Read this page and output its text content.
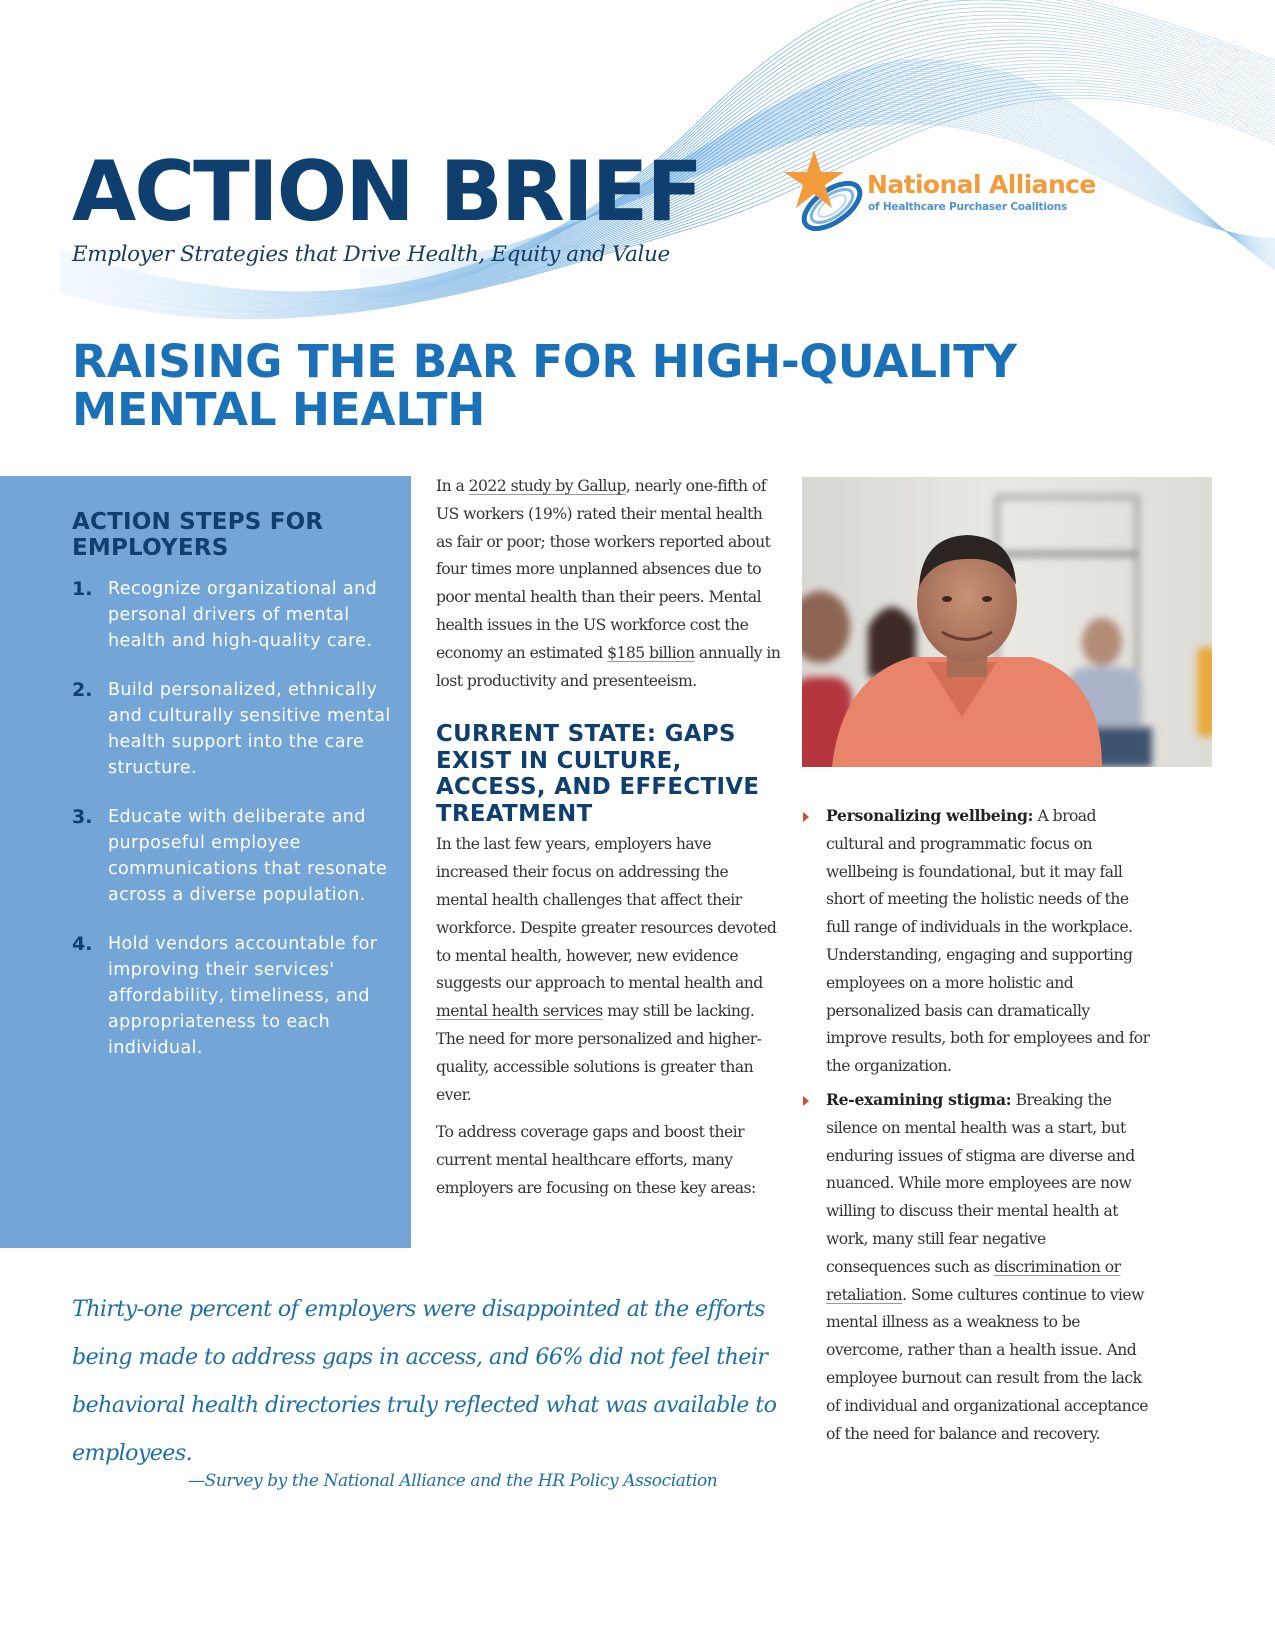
ACTION BRIEF
Employer Strategies that Drive Health, Equity and Value
National Alliance
of Healthcare Purchaser Coalitions
RAISING THE BAR FOR HIGH-QUALITY
MENTAL HEALTH
ACTION STEPS FOR EMPLOYERS
1. Recognize organizational and personal drivers of mental health and high-quality care.
2. Build personalized, ethnically and culturally sensitive mental health support into the care structure.
3. Educate with deliberate and purposeful employee communications that resonate across a diverse population.
4. Hold vendors accountable for improving their services' affordability, timeliness, and appropriateness to each individual.

In a 2022 study by Gallup, nearly one-fifth of US workers (19%) rated their mental health as fair or poor; those workers reported about four times more unplanned absences due to poor mental health than their peers. Mental health issues in the US workforce cost the economy an estimated $185 billion annually in lost productivity and presenteeism.

CURRENT STATE: GAPS EXIST IN CULTURE, ACCESS, AND EFFECTIVE TREATMENT

In the last few years, employers have increased their focus on addressing the mental health challenges that affect their workforce. Despite greater resources devoted to mental health, however, new evidence suggests our approach to mental health and mental health services may still be lacking. The need for more personalized and higher-quality, accessible solutions is greater than ever.

To address coverage gaps and boost their current mental healthcare efforts, many employers are focusing on these key areas:

Personalizing wellbeing: A broad cultural and programmatic focus on wellbeing is foundational, but it may fall short of meeting the holistic needs of the full range of individuals in the workplace. Understanding, engaging and supporting employees on a more holistic and personalized basis can dramatically improve results, both for employees and for the organization.
Re-examining stigma: Breaking the silence on mental health was a start, but enduring issues of stigma are diverse and nuanced. While more employees are now willing to discuss their mental health at work, many still fear negative consequences such as discrimination or retaliation. Some cultures continue to view mental illness as a weakness to be overcome, rather than a health issue. And employee burnout can result from the lack of individual and organizational acceptance of the need for balance and recovery.
Thirty-one percent of employers were disappointed at the efforts being made to address gaps in access, and 66% did not feel their behavioral health directories truly reflected what was available to employees.
—Survey by the National Alliance and the HR Policy Association
